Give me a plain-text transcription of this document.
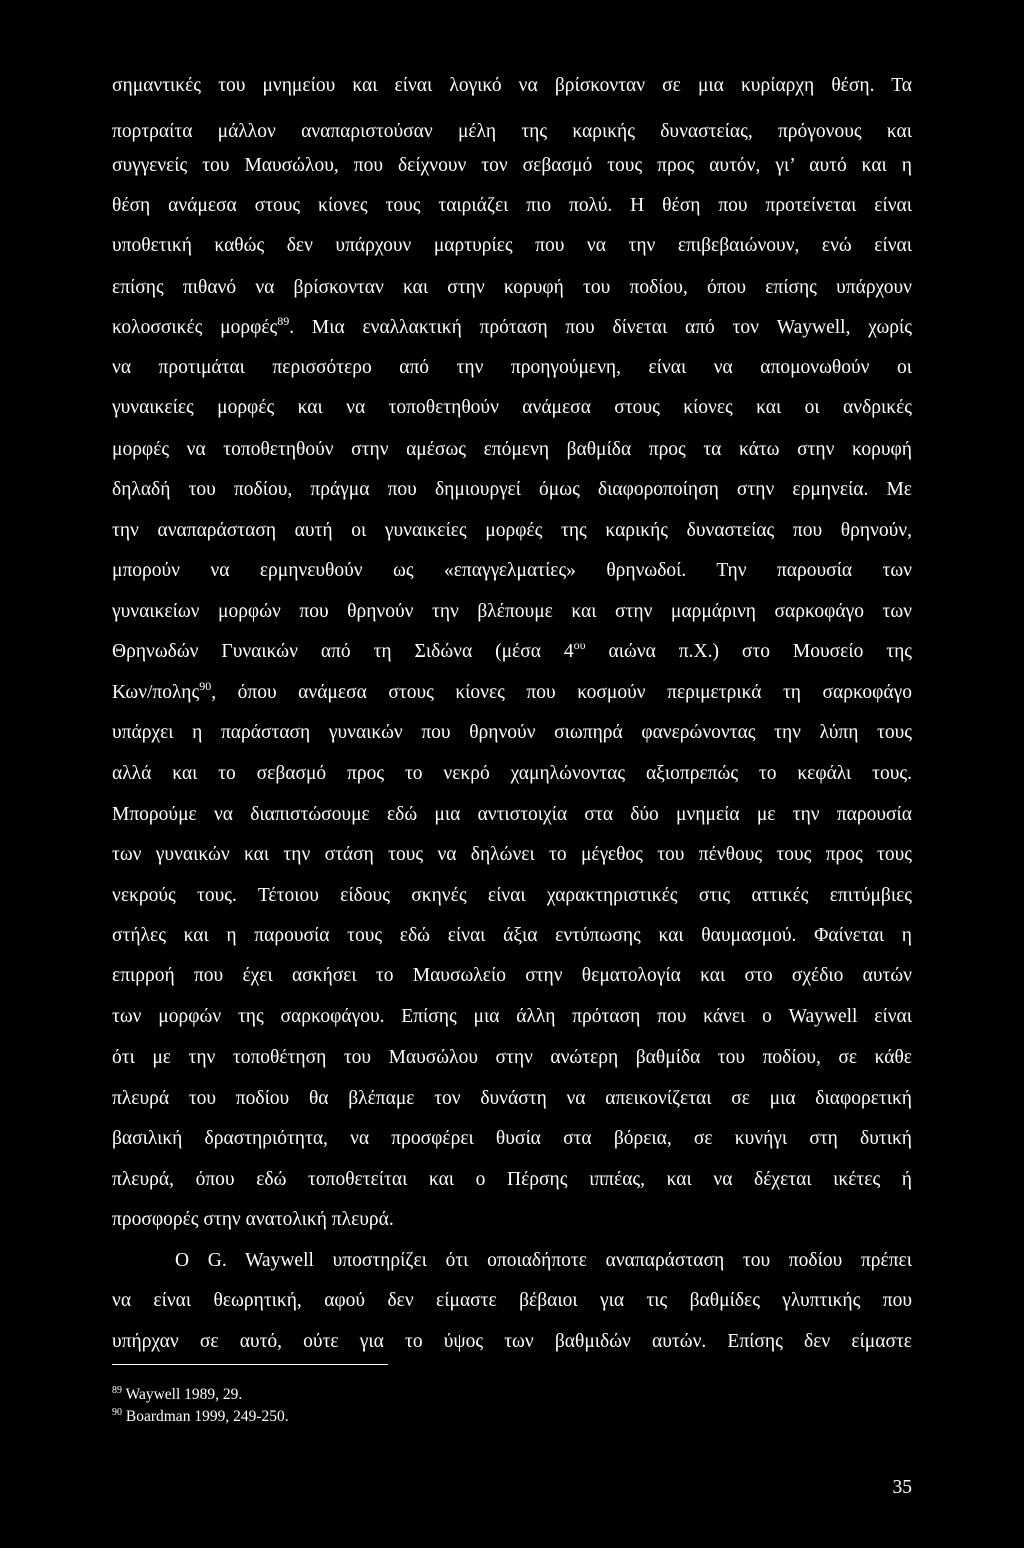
σημαντικές του μνημείου και είναι λογικό να βρίσκονταν σε μια κυρίαρχη θέση. Τα
πορτραίτα μάλλον αναπαριστούσαν μέλη της καρικής δυναστείας, πρόγονους και
συγγενείς του Μαυσώλου, που δείχνουν τον σεβασμό τους προς αυτόν, γι’ αυτό και η
θέση ανάμεσα στους κίονες τους ταιριάζει πιο πολύ. Η θέση που προτείνεται είναι
υποθετική καθώς δεν υπάρχουν μαρτυρίες που να την επιβεβαιώνουν, ενώ είναι
επίσης πιθανό να βρίσκονταν και στην κορυφή του ποδίου, όπου επίσης υπάρχουν
κολοσσικές μορφές$^{89}$. Μια εναλλακτική πρόταση που δίνεται από τον Waywell, χωρίς
να προτιμάται περισσότερο από την προηγούμενη, είναι να απομονωθούν οι
γυναικείες μορφές και να τοποθετηθούν ανάμεσα στους κίονες και οι ανδρικές
μορφές να τοποθετηθούν στην αμέσως επόμενη βαθμίδα προς τα κάτω στην κορυφή
δηλαδή του ποδίου, πράγμα που δημιουργεί όμως διαφοροποίηση στην ερμηνεία. Με
την αναπαράσταση αυτή οι γυναικείες μορφές της καρικής δυναστείας που θρηνούν,
μπορούν να ερμηνευθούν ως «επαγγελματίες» θρηνωδοί. Την παρουσία των
γυναικείων μορφών που θρηνούν την βλέπουμε και στην μαρμάρινη σαρκοφάγο των
Θρηνωδών Γυναικών από τη Σιδώνα (μέσα $4^{o\upsilon}$ αιώνα π.Χ.) στο Μουσείο της
Κων/πολης$^{90}$, όπου ανάμεσα στους κίονες που κοσμούν περιμετρικά τη σαρκοφάγο
υπάρχει η παράσταση γυναικών που θρηνούν σιωπηρά φανερώνοντας την λύπη τους
αλλά και το σεβασμό προς το νεκρό χαμηλώνοντας αξιοπρεπώς το κεφάλι τους.
Μπορούμε να διαπιστώσουμε εδώ μια αντιστοιχία στα δύο μνημεία με την παρουσία
των γυναικών και την στάση τους να δηλώνει το μέγεθος του πένθους τους προς τους
νεκρούς τους. Τέτοιου είδους σκηνές είναι χαρακτηριστικές στις αττικές επιτύμβιες
στήλες και η παρουσία τους εδώ είναι άξια εντύπωσης και θαυμασμού. Φαίνεται η
επιρροή που έχει ασκήσει το Μαυσωλείο στην θεματολογία και στο σχέδιο αυτών
των μορφών της σαρκοφάγου. Επίσης μια άλλη πρόταση που κάνει ο Waywell είναι
ότι με την τοποθέτηση του Μαυσώλου στην ανώτερη βαθμίδα του ποδίου, σε κάθε
πλευρά του ποδίου θα βλέπαμε τον δυνάστη να απεικονίζεται σε μια διαφορετική
βασιλική δραστηριότητα, να προσφέρει θυσία στα βόρεια, σε κυνήγι στη δυτική
πλευρά, όπου εδώ τοποθετείται και ο Πέρσης ιππέας, και να δέχεται ικέτες ή
προσφορές στην ανατολική πλευρά.
Ο G. Waywell υποστηρίζει ότι οποιαδήποτε αναπαράσταση του ποδίου πρέπει
να είναι θεωρητική, αφού δεν είμαστε βέβαιοι για τις βαθμίδες γλυπτικής που
υπήρχαν σε αυτό, ούτε για το ύψος των βαθμιδών αυτών. Επίσης δεν είμαστε
$^{89}$ Waywell 1989, 29.
$^{90}$ Boardman 1999, 249-250.
35
